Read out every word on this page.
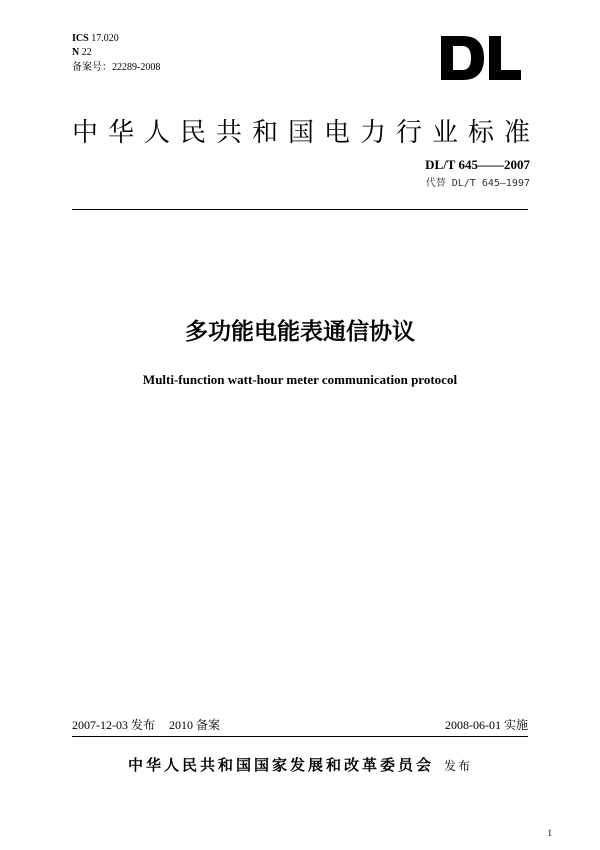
ICS 17.020
N 22
备案号：22289-2008
中华人民共和国电力行业标准
DL/T 645——2007
代替 DL/T 645—1997
多功能电能表通信协议
Multi-function watt-hour meter communication protocol
2007-12-03 发布 2010 备案	2008-06-01 实施
中华人民共和国国家发展和改革委员会 发布
1
